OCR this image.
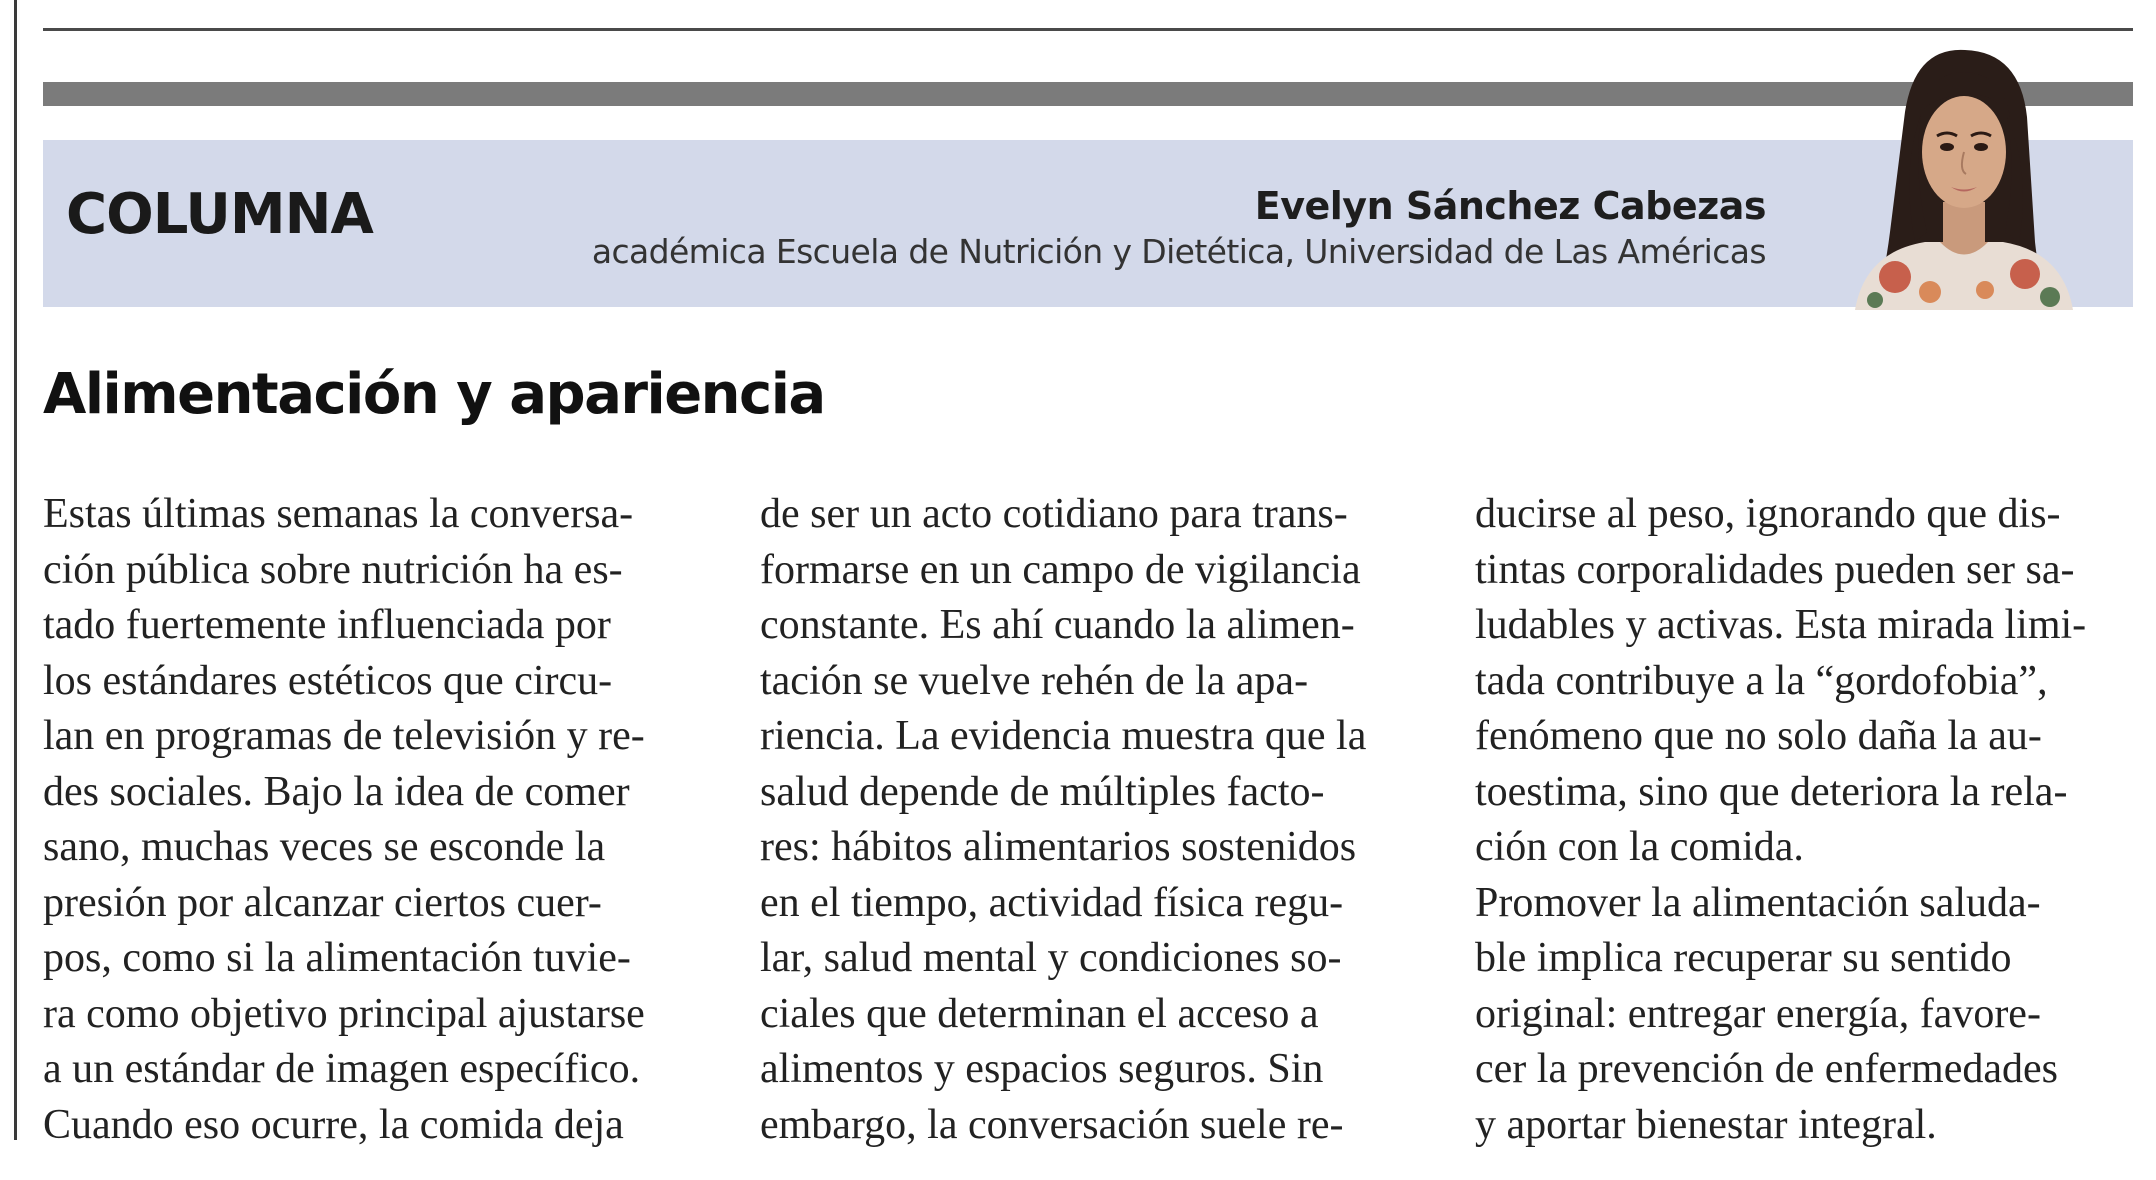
COLUMNA	Evelyn Sánchez Cabezas
académica Escuela de Nutrición y Dietética, Universidad de Las Américas
Alimentación y apariencia
Estas últimas semanas la conversa-
ción pública sobre nutrición ha es-
tado fuertemente influenciada por
los estándares estéticos que circu-
lan en programas de televisión y re-
des sociales. Bajo la idea de comer
sano, muchas veces se esconde la
presión por alcanzar ciertos cuer-
pos, como si la alimentación tuvie-
ra como objetivo principal ajustarse
a un estándar de imagen específico.
Cuando eso ocurre, la comida deja
de ser un acto cotidiano para trans-
formarse en un campo de vigilancia
constante. Es ahí cuando la alimen-
tación se vuelve rehén de la apa-
riencia. La evidencia muestra que la
salud depende de múltiples facto-
res: hábitos alimentarios sostenidos
en el tiempo, actividad física regu-
lar, salud mental y condiciones so-
ciales que determinan el acceso a
alimentos y espacios seguros. Sin
embargo, la conversación suele re-
ducirse al peso, ignorando que dis-
tintas corporalidades pueden ser sa-
ludables y activas. Esta mirada limi-
tada contribuye a la “gordofobia”,
fenómeno que no solo daña la au-
toestima, sino que deteriora la rela-
ción con la comida.
Promover la alimentación saluda-
ble implica recuperar su sentido
original: entregar energía, favore-
cer la prevención de enfermedades
y aportar bienestar integral.
